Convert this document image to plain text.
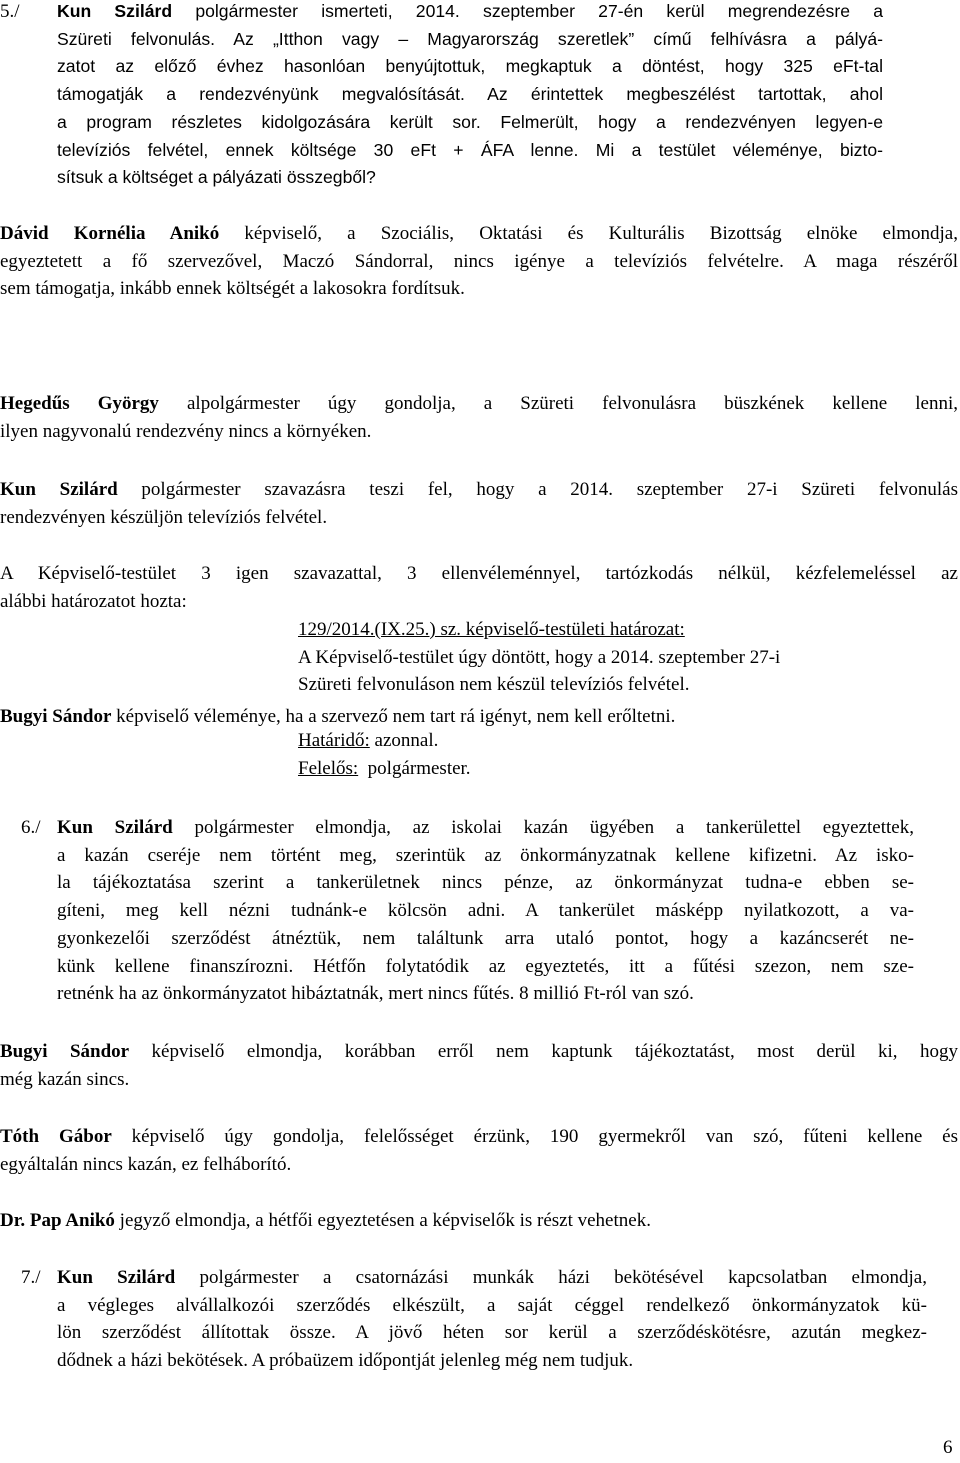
5./ Kun Szilárd polgármester ismerteti, 2014. szeptember 27-én kerül megrendezésre a
Szüreti felvonulás. Az „Itthon vagy – Magyarország szeretlek” című felhívásra a pályá-
zatot az előző évhez hasonlóan benyújtottuk, megkaptuk a döntést, hogy 325 eFt-tal
támogatják a rendezvényünk megvalósítását. Az érintettek megbeszélést tartottak, ahol
a program részletes kidolgozására került sor. Felmerült, hogy a rendezvényen legyen-e
televíziós felvétel, ennek költsége 30 eFt + ÁFA lenne. Mi a testület véleménye, bizto-
sítsuk a költséget a pályázati összegből?
Dávid Kornélia Anikó képviselő, a Szociális, Oktatási és Kulturális Bizottság elnöke elmondja,
egyeztetett a fő szervezővel, Maczó Sándorral, nincs igénye a televíziós felvételre. A maga részéről
sem támogatja, inkább ennek költségét a lakosokra fordítsuk.
Bugyi Sándor képviselő véleménye, ha a szervező nem tart rá igényt, nem kell erőltetni.
Hegedűs György alpolgármester úgy gondolja, a Szüreti felvonulásra büszkének kellene lenni,
ilyen nagyvonalú rendezvény nincs a környéken.
Kun Szilárd polgármester szavazásra teszi fel, hogy a 2014. szeptember 27-i Szüreti felvonulás
rendezvényen készüljön televíziós felvétel.
A Képviselő-testület 3 igen szavazattal, 3 ellenvéleménnyel, tartózkodás nélkül, kézfelemeléssel az
alábbi határozatot hozta:
129/2014.(IX.25.) sz. képviselő-testületi határozat:
A Képviselő-testület úgy döntött, hogy a 2014. szeptember 27-i
Szüreti felvonuláson nem készül televíziós felvétel.

Határidő: azonnal.
Felelős:  polgármester.
6./ Kun Szilárd polgármester elmondja, az iskolai kazán ügyében a tankerülettel egyeztettek,
a kazán cseréje nem történt meg, szerintük az önkormányzatnak kellene kifizetni. Az isko-
la tájékoztatása szerint a tankerületnek nincs pénze, az önkormányzat tudna-e ebben se-
gíteni, meg kell nézni tudnánk-e kölcsön adni. A tankerület másképp nyilatkozott, a va-
gyonkezelői szerződést átnéztük, nem találtunk arra utaló pontot, hogy a kazáncserét ne-
künk kellene finanszírozni. Hétfőn folytatódik az egyeztetés, itt a fűtési szezon, nem sze-
retnénk ha az önkormányzatot hibáztatnák, mert nincs fűtés. 8 millió Ft-ról van szó.
Bugyi Sándor képviselő elmondja, korábban erről nem kaptunk tájékoztatást, most derül ki, hogy
még kazán sincs.
Tóth Gábor képviselő úgy gondolja, felelősséget érzünk, 190 gyermekről van szó, fűteni kellene és
egyáltalán nincs kazán, ez felháborító.
Dr. Pap Anikó jegyző elmondja, a hétfői egyeztetésen a képviselők is részt vehetnek.
7./ Kun Szilárd polgármester a csatornázási munkák házi bekötésével kapcsolatban elmondja,
a végleges alvállalkozói szerződés elkészült, a saját céggel rendelkező önkormányzatok kü-
lön szerződést állítottak össze. A jövő héten sor kerül a szerződéskötésre, azután megkez-
dődnek a házi bekötések. A próbaüzem időpontját jelenleg még nem tudjuk.
6
